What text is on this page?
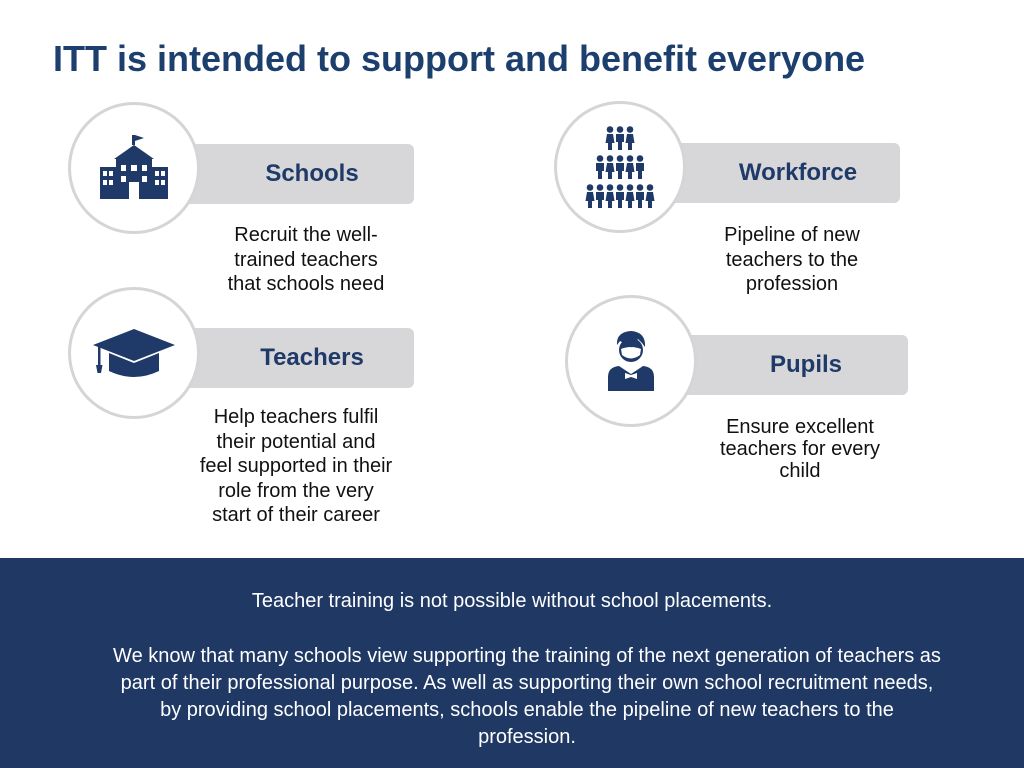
ITT is intended to support and benefit everyone
Schools
Recruit the well-
trained teachers
that schools need
Workforce
Pipeline of new
teachers to the
profession
Teachers
Help teachers fulfil
their potential and
feel supported in their
role from the very
start of their career
Pupils
Ensure excellent
teachers for every
child

Teacher training is not possible without school placements.

We know that many schools view supporting the training of the next generation of teachers as part of their professional purpose. As well as supporting their own school recruitment needs, by providing school placements, schools enable the pipeline of new teachers to the profession.
